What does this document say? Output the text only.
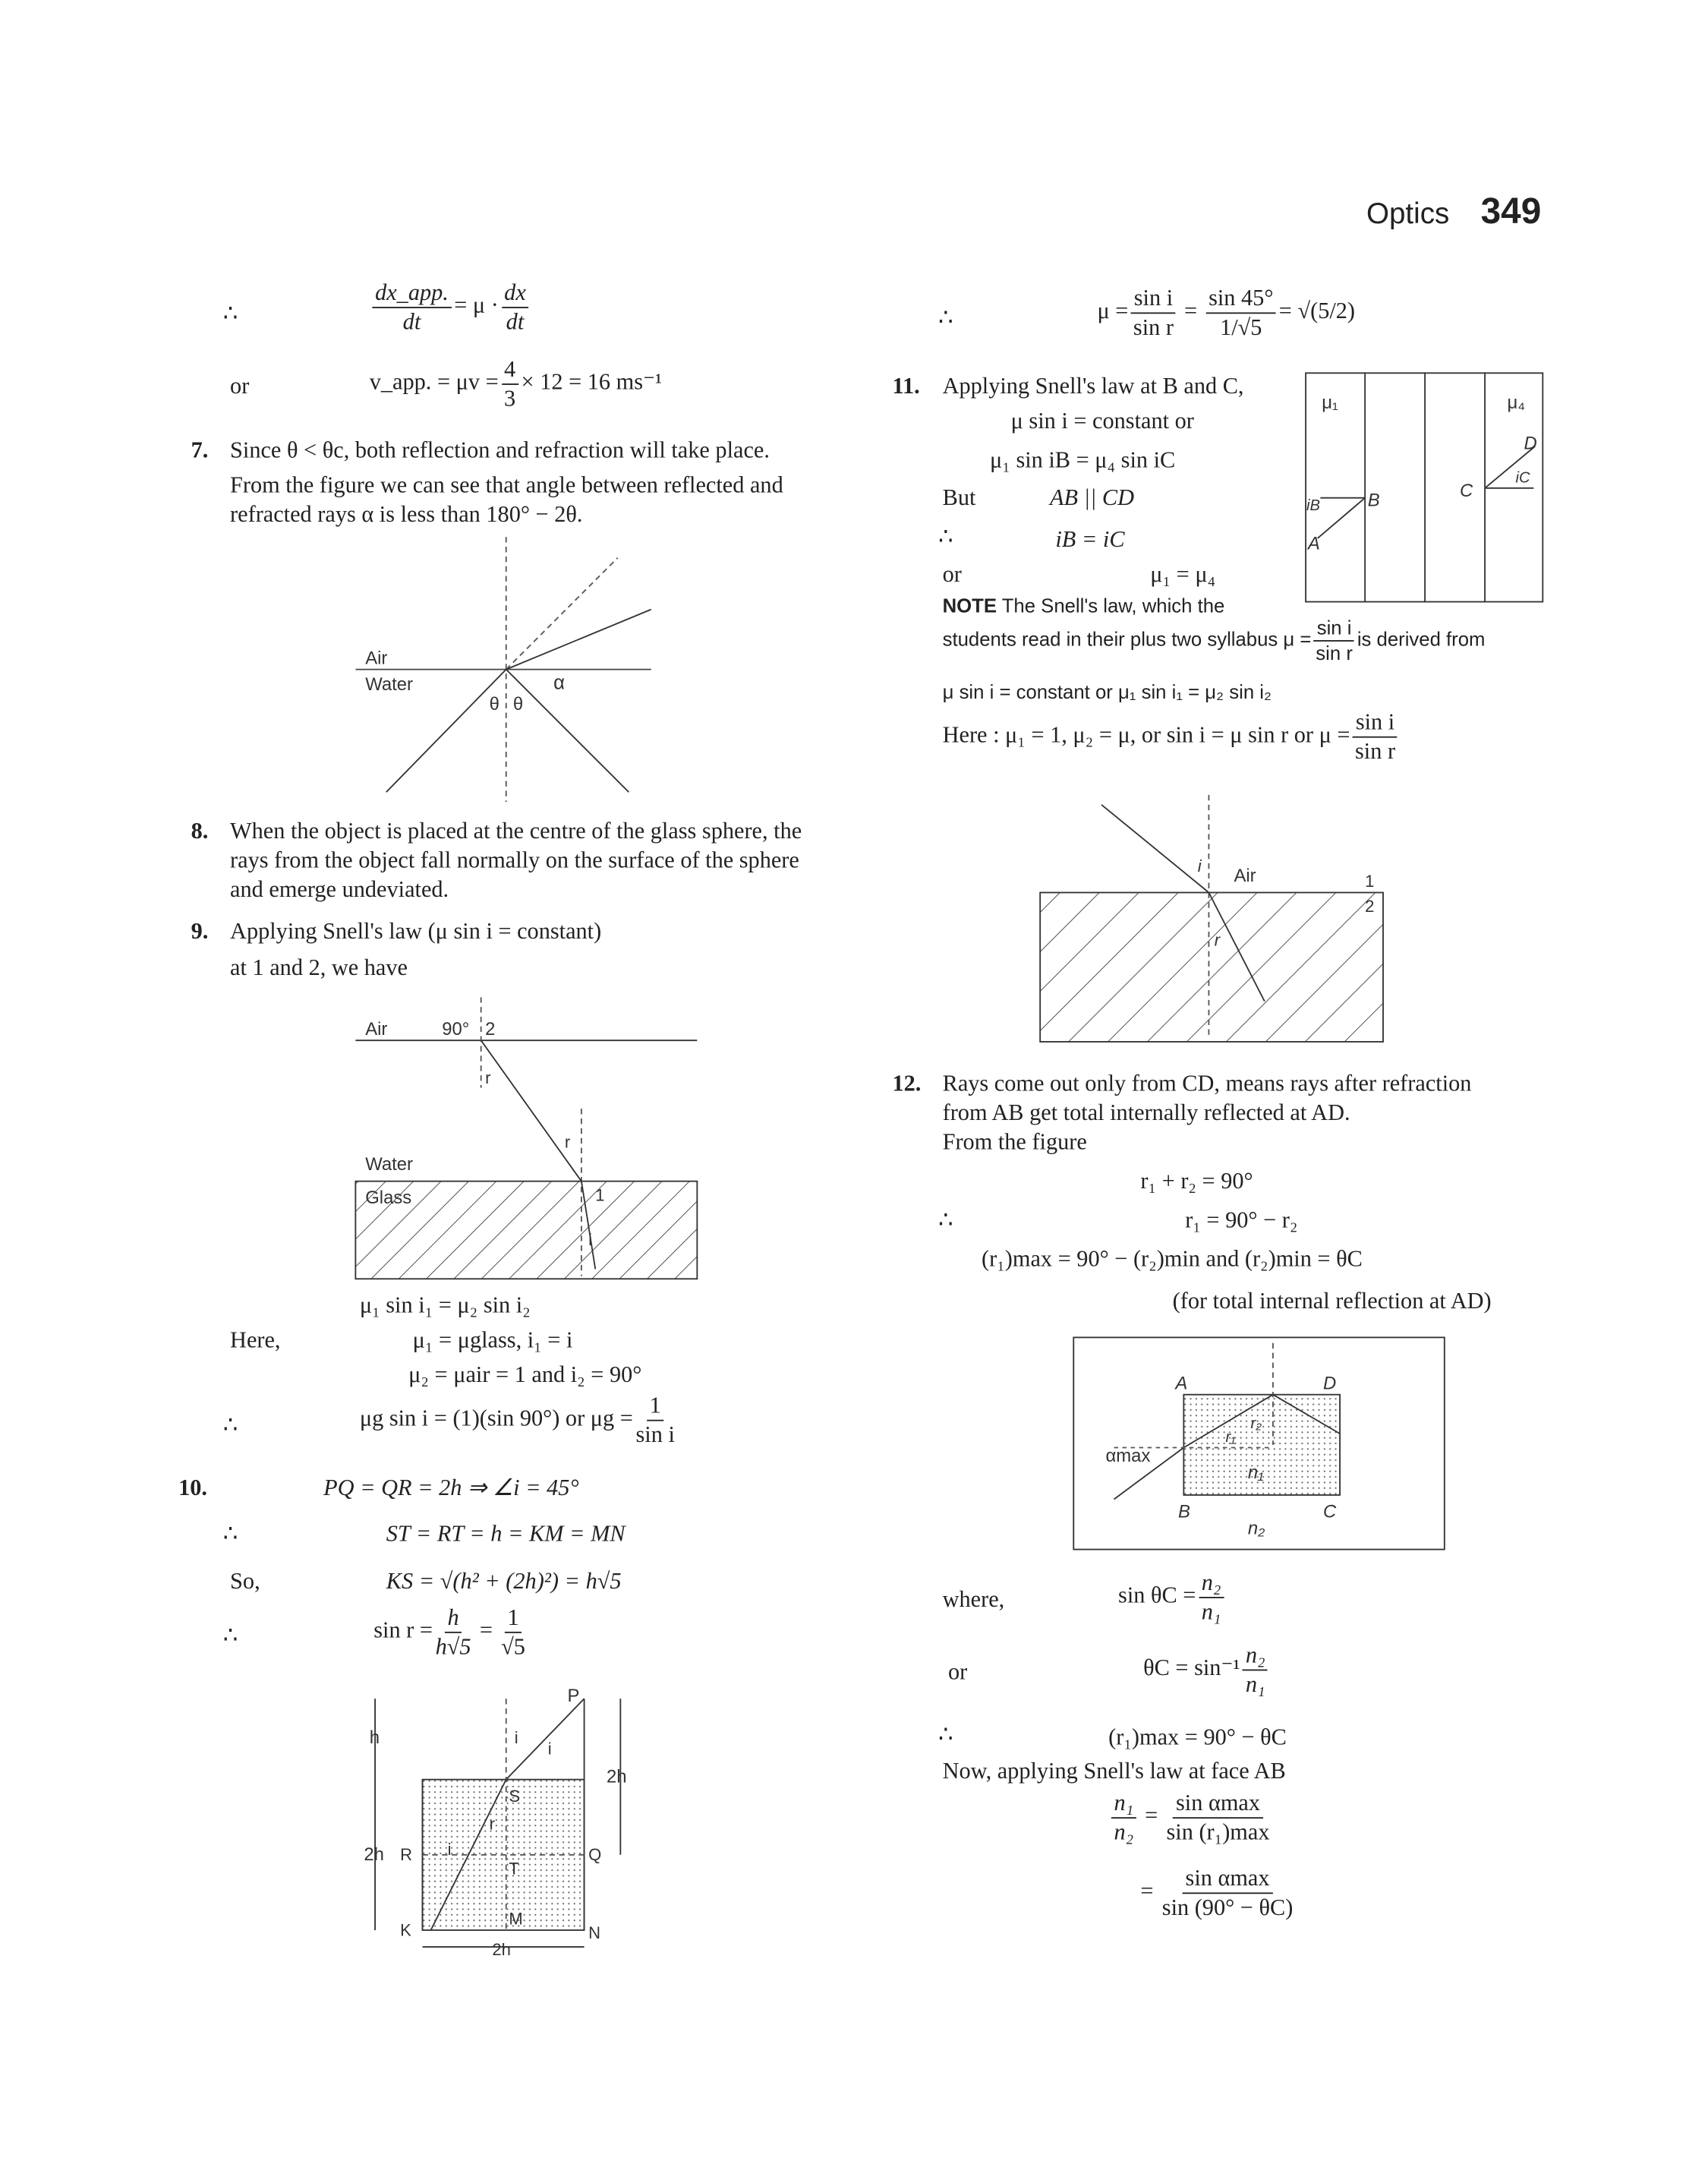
Optics 349
∴
dx_app.
dt
= $\mu \cdot \frac{dx}{dt}$
or	v_app. = $\mu v = \frac{4}{3} \times 12 = 16$ ms⁻¹
7. Since θ < θc, both reflection and refraction will take place.
From the figure we can see that angle between reflected and
refracted rays α is less than 180° − 2θ.
Air
Water	α
θ θ
8. When the object is placed at the centre of the glass sphere, the
rays from the object fall normally on the surface of the sphere
and emerge undeviated.
9. Applying Snell's law (μ sin i = constant)
at 1 and 2, we have
Air	90° 2
r
r
Water
Glass	1
i
μ₁ sin i₁ = μ₂ sin i₂
Here,	μ₁ = μglass, i₁ = i
μ₂ = μair = 1 and i₂ = 90°
∴	μg sin i = (1)(sin 90°) or $\mu g = \frac{1}{\text{sin i}}$
10.	PQ = QR = 2h ⇒ ∠i = 45°
∴	ST = RT = h = KM = MN
So,	KS = √(h² + (2h)²) = h√5
∴	$\sin r = \frac{h}{h√5} = \frac{1}{√5}$
h
2h
P
i
i
2h
S
r
R	i	Q
T
K
M
N
2h
∴	$\mu = \frac{\text{sin i}}{\text{sin r}} = \frac{\sin 45^\circ}{1/√5} = √(5/2)$
11. Applying Snell's law at B and C,
μ sin i = constant or
μ₁ sin iB = μ₄ sin iC
But	AB || CD
∴	iB = iC
or	μ₁ = μ₄
μ₁	μ₄
D
C
iC
iB	B
A
NOTE The Snell's law, which the
students read in their plus two syllabus $\mu = \frac{\text{sin i}}{\text{sin r}}$ is derived from
μ sin i = constant or μ₁ sin i₁ = μ₂ sin i₂
Here : μ₁ = 1, μ₂ = μ, or sin i = μ sin r or $\mu = \frac{\text{sin i}}{\text{sin r}}$
i	Air	1
2
r
12. Rays come out only from CD, means rays after refraction
from AB get total internally reflected at AD.
From the figure
r₁ + r₂ = 90°
∴	r₁ = 90° − r₂
(r₁)max = 90° − (r₂)min and (r₂)min = θC
(for total internal reflection at AD)
A	D
r₂
r₁
αmax
n₁
B	C
n₂
where,	$\sin \theta C = \frac{\text{n₂}}{\text{n₁}}$
or	$\theta C = \sin^{-1} \frac{\text{n₂}}{\text{n₁}}$
∴	(r₁)max = 90° − θC
Now, applying Snell's law at face AB
$\frac{\text{n₁}}{\text{n₂}} = \sin \alpha\max$
sin (r₁)max
= sin αmax
sin (90° − θC)
